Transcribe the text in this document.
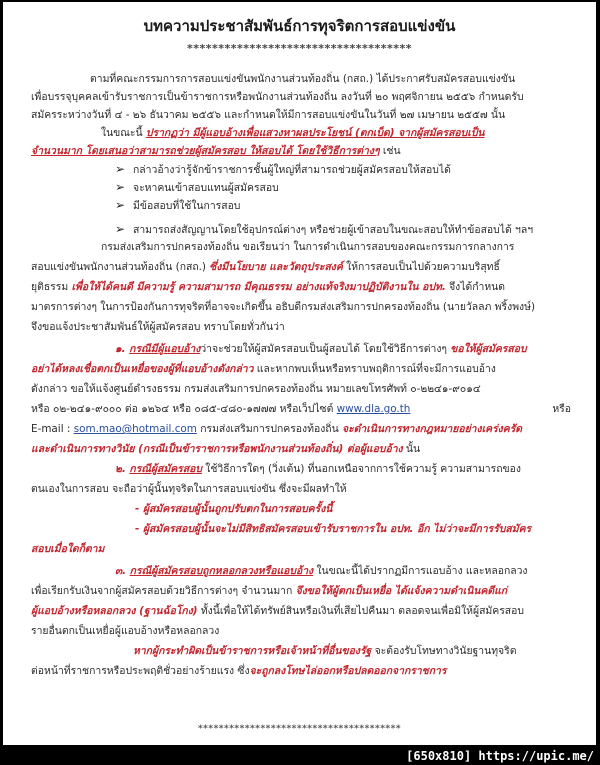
บทความประชาสัมพันธ์การทุจริตการสอบแข่งขัน
************************************
ตามที่คณะกรรมการการสอบแข่งขันพนักงานส่วนท้องถิ่น (กสถ.) ได้ประกาศรับสมัครสอบแข่งขัน
เพื่อบรรจุบุคคลเข้ารับราชการเป็นข้าราชการหรือพนักงานส่วนท้องถิ่น ลงวันที่ ๒๐ พฤศจิกายน ๒๕๕๖ กำหนดรับ
สมัครระหว่างวันที่ ๔ - ๒๖ ธันวาคม ๒๕๕๖ และกำหนดให้มีการสอบแข่งขันในวันที่ ๒๗ เมษายน ๒๕๕๗ นั้น
ในขณะนี้ ปรากฏว่า มีผู้แอบอ้างเพื่อแสวงหาผลประโยชน์ (ตกเบ็ด) จากผู้สมัครสอบเป็น
จำนวนมาก โดยเสนอว่าสามารถช่วยผู้สมัครสอบ ให้สอบได้ โดยใช้วิธีการต่างๆ เช่น
➢ กล่าวอ้างว่ารู้จักข้าราชการชั้นผู้ใหญ่ที่สามารถช่วยผู้สมัครสอบให้สอบได้
➢ จะหาคนเข้าสอบแทนผู้สมัครสอบ
➢ มีข้อสอบที่ใช้ในการสอบ
➢ สามารถส่งสัญญานโดยใช้อุปกรณ์ต่างๆ หรือช่วยผู้เข้าสอบในขณะสอบให้ทำข้อสอบได้ ฯลฯ
กรมส่งเสริมการปกครองท้องถิ่น ขอเรียนว่า ในการดำเนินการสอบของคณะกรรมการกลางการ
สอบแข่งขันพนักงานส่วนท้องถิ่น (กสถ.) ซึ่งมีนโยบาย และวัตถุประสงค์ ให้การสอบเป็นไปด้วยความบริสุทธิ์
ยุติธรรม เพื่อให้ได้คนดี มีความรู้ ความสามารถ มีคุณธรรม อย่างแท้จริงมาปฏิบัติงานใน อปท. จึงได้กำหนด
มาตรการต่างๆ ในการป้องกันการทุจริตที่อาจจะเกิดขึ้น อธิบดีกรมส่งเสริมการปกครองท้องถิ่น (นายวัลลภ พริ้งพงษ์)
จึงขอแจ้งประชาสัมพันธ์ให้ผู้สมัครสอบ ทราบโดยทั่วกันว่า
๑. กรณีมีผู้แอบอ้างว่าจะช่วยให้ผู้สมัครสอบเป็นผู้สอบได้ โดยใช้วิธีการต่างๆ ขอให้ผู้สมัครสอบ
อย่าได้หลงเชื่อตกเป็นเหยื่อของผู้ที่แอบอ้างดังกล่าว และหากพบเห็นหรือทราบพฤติการณ์ที่จะมีการแอบอ้าง
ดังกล่าว ขอให้แจ้งศูนย์ดำรงธรรม กรมส่งเสริมการปกครองท้องถิ่น หมายเลขโทรศัพท์ ๐-๒๒๔๑-๙๐๑๔
หรือ ๐๒-๒๔๑-๙๐๐๐ ต่อ ๑๒๖๔ หรือ ๐๘๕-๔๘๐-๑๗๗๗ หรือเว็ปไซต์ www.dla.go.th	หรือ
E-mail : som.mao@hotmail.com กรมส่งเสริมการปกครองท้องถิ่น จะดำเนินการทางกฎหมายอย่างเคร่งครัด
และดำเนินการทางวินัย (กรณีเป็นข้าราชการหรือพนักงานส่วนท้องถิ่น) ต่อผู้แอบอ้าง นั้น
๒. กรณีผู้สมัครสอบ ใช้วิธีการใดๆ (วิ่งเต้น) ที่นอกเหนือจากการใช้ความรู้ ความสามารถของ
ตนเองในการสอบ จะถือว่าผู้นั้นทุจริตในการสอบแข่งขัน ซึ่งจะมีผลทำให้
- ผู้สมัครสอบผู้นั้นถูกปรับตกในการสอบครั้งนี้
- ผู้สมัครสอบผู้นั้นจะไม่มีสิทธิสมัครสอบเข้ารับราชการใน อปท. อีก ไม่ว่าจะมีการรับสมัคร
สอบเมื่อใดก็ตาม
๓. กรณีผู้สมัครสอบถูกหลอกลวงหรือแอบอ้าง ในขณะนี้ได้ปรากฏมีการแอบอ้าง และหลอกลวง
เพื่อเรียกรับเงินจากผู้สมัครสอบด้วยวิธีการต่างๆ จำนวนมาก จึงขอให้ผู้ตกเป็นเหยื่อ ได้แจ้งความดำเนินคดีแก่
ผู้แอบอ้างหรือหลอกลวง (ฐานฉ้อโกง) ทั้งนี้เพื่อให้ได้ทรัพย์สินหรือเงินที่เสียไปคืนมา ตลอดจนเพื่อมิให้ผู้สมัครสอบ
รายอื่นตกเป็นเหยื่อผู้แอบอ้างหรือหลอกลวง
หากผู้กระทำผิดเป็นข้าราชการหรือเจ้าหน้าที่อื่นของรัฐ จะต้องรับโทษทางวินัยฐานทุจริต
ต่อหน้าที่ราชการหรือประพฤติชั่วอย่างร้ายแรง ซึ่งจะถูกลงโทษไล่ออกหรือปลดออกจากราชการ
***************************************
[650x810] https://upic.me/
